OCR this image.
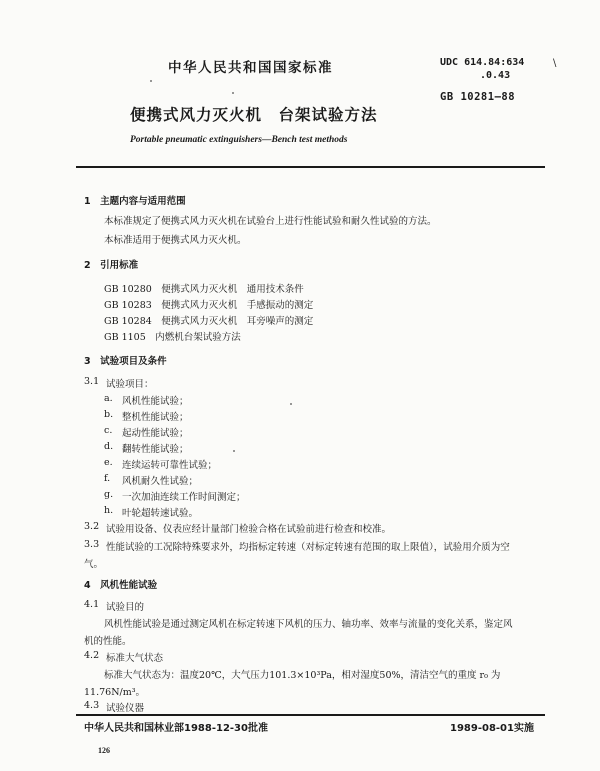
中华人民共和国国家标准	UDC 614.84:634
.0.43
GB 10281—88
\
便携式风力灭火机　台架试验方法
Portable pneumatic extinguishers—Bench test methods
1　主题内容与适用范围
本标准规定了便携式风力灭火机在试验台上进行性能试验和耐久性试验的方法。
本标准适用于便携式风力灭火机。
2　引用标准
GB 10280　便携式风力灭火机　通用技术条件
GB 10283　便携式风力灭火机　手感振动的测定
GB 10284　便携式风力灭火机　耳旁噪声的测定
GB 1105　内燃机台架试验方法
3　试验项目及条件
3.1 试验项目：
a. 风机性能试验；
b. 整机性能试验；
c. 起动性能试验；
d. 翻转性能试验；
e. 连续运转可靠性试验；
f. 风机耐久性试验；
g. 一次加油连续工作时间测定；
h. 叶轮超转速试验。
3.2 试验用设备、仪表应经计量部门检验合格在试验前进行检查和校准。
3.3 性能试验的工况除特殊要求外，均指标定转速（对标定转速有范围的取上限值），试验用介质为空
气。
4　风机性能试验
4.1 试验目的
风机性能试验是通过测定风机在标定转速下风机的压力、轴功率、效率与流量的变化关系，鉴定风
机的性能。
4.2 标准大气状态
标准大气状态为：温度20℃，大气压力101.3×10³Pa，相对湿度50%，清洁空气的重度 r₀ 为
11.76N/m³。
4.3 试验仪器
中华人民共和国林业部1988-12-30批准	1989-08-01实施
126
